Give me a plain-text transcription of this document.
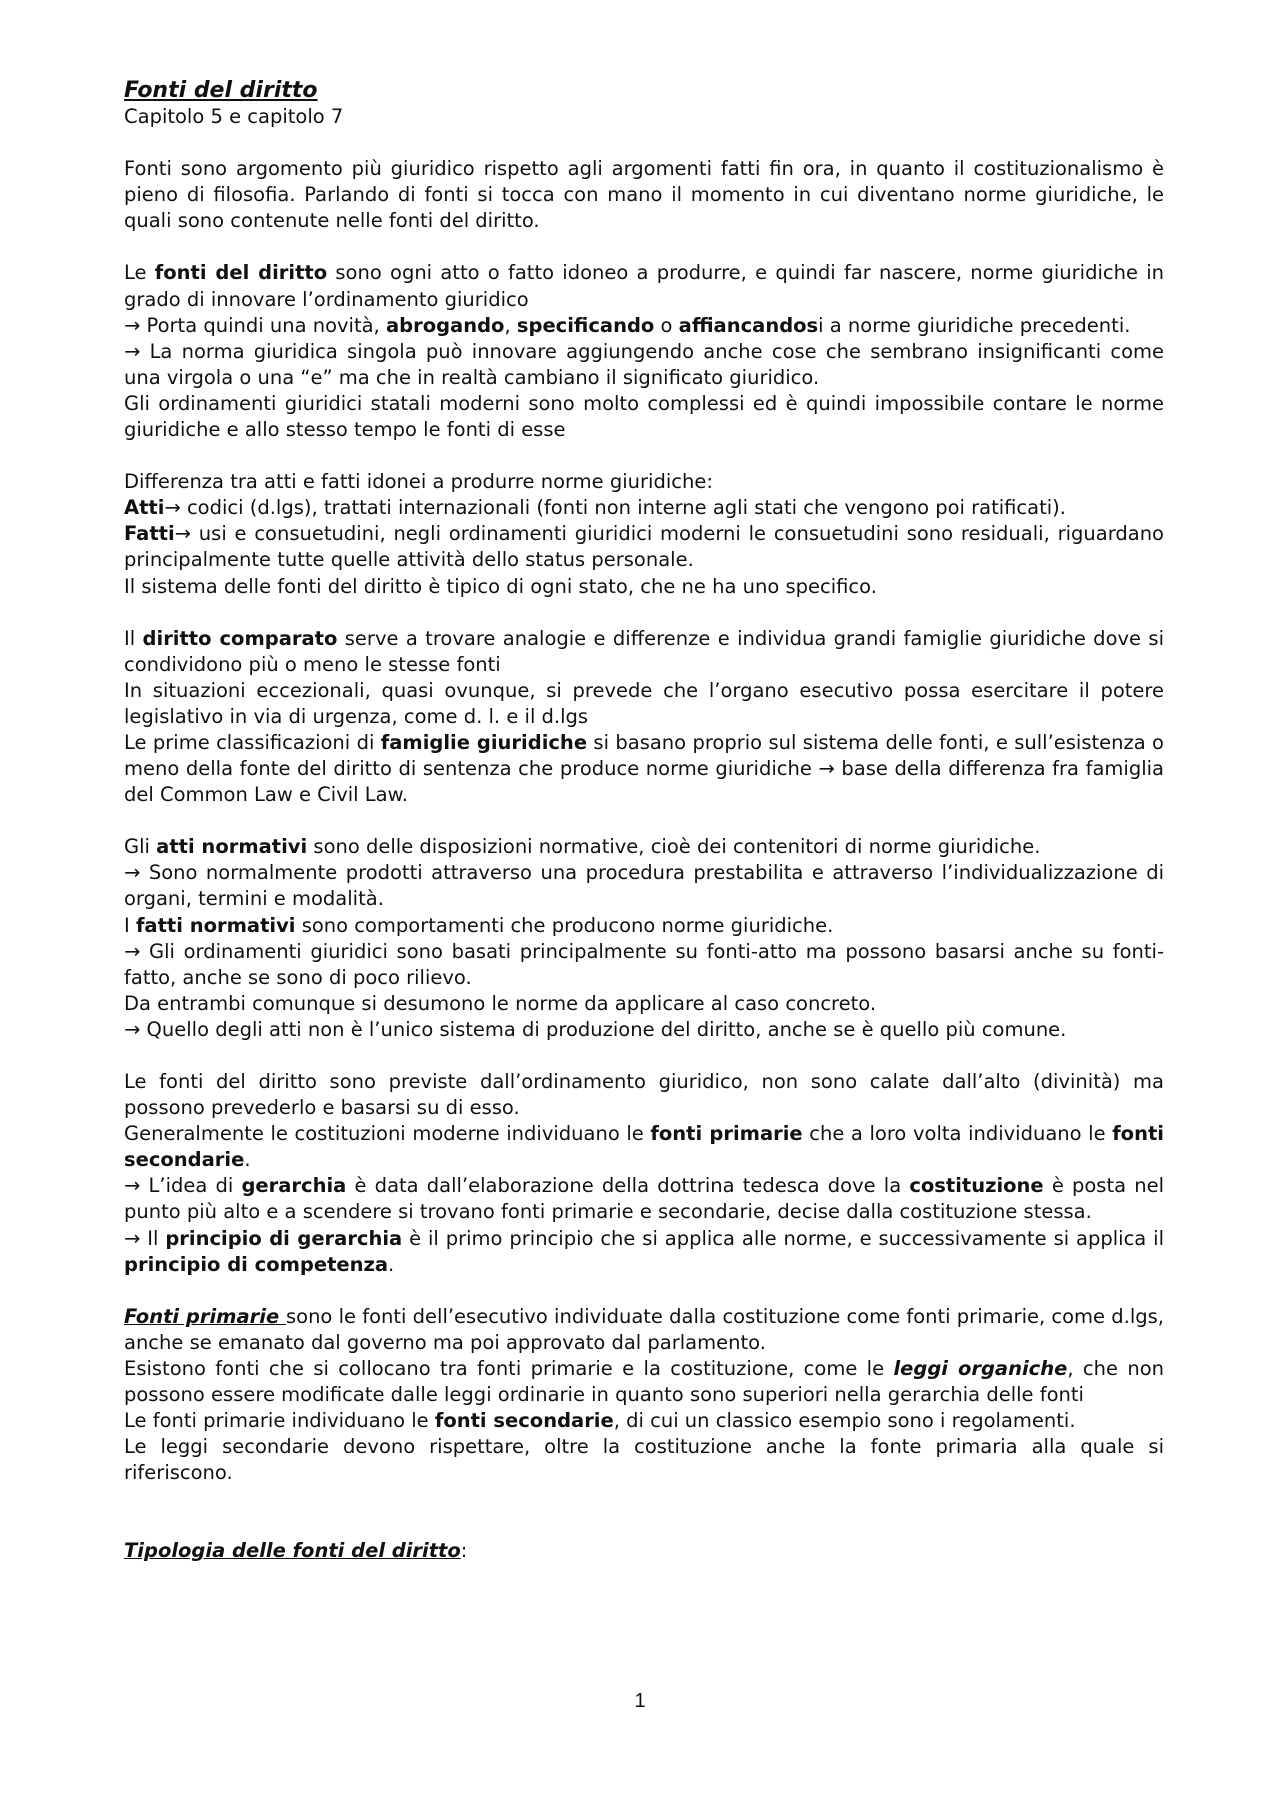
Fonti del diritto

Capitolo 5 e capitolo 7

Fonti sono argomento più giuridico rispetto agli argomenti fatti fin ora, in quanto il costituzionalismo è pieno di filosofia. Parlando di fonti si tocca con mano il momento in cui diventano norme giuridiche, le quali sono contenute nelle fonti del diritto.

Le fonti del diritto sono ogni atto o fatto idoneo a produrre, e quindi far nascere, norme giuridiche in grado di innovare l’ordinamento giuridico

→ Porta quindi una novità, abrogando, specificando o affiancandosi a norme giuridiche precedenti.

→ La norma giuridica singola può innovare aggiungendo anche cose che sembrano insignificanti come una virgola o una “e” ma che in realtà cambiano il significato giuridico.

Gli ordinamenti giuridici statali moderni sono molto complessi ed è quindi impossibile contare le norme giuridiche e allo stesso tempo le fonti di esse

Differenza tra atti e fatti idonei a produrre norme giuridiche:

Atti→ codici (d.lgs), trattati internazionali (fonti non interne agli stati che vengono poi ratificati).

Fatti→ usi e consuetudini, negli ordinamenti giuridici moderni le consuetudini sono residuali, riguardano principalmente tutte quelle attività dello status personale.

Il sistema delle fonti del diritto è tipico di ogni stato, che ne ha uno specifico.

Il diritto comparato serve a trovare analogie e differenze e individua grandi famiglie giuridiche dove si condividono più o meno le stesse fonti

In situazioni eccezionali, quasi ovunque, si prevede che l’organo esecutivo possa esercitare il potere legislativo in via di urgenza, come d. l. e il d.lgs

Le prime classificazioni di famiglie giuridiche si basano proprio sul sistema delle fonti, e sull’esistenza o meno della fonte del diritto di sentenza che produce norme giuridiche → base della differenza fra famiglia del Common Law e Civil Law.

Gli atti normativi sono delle disposizioni normative, cioè dei contenitori di norme giuridiche.

→ Sono normalmente prodotti attraverso una procedura prestabilita e attraverso l’individualizzazione di organi, termini e modalità.

I fatti normativi sono comportamenti che producono norme giuridiche.

→ Gli ordinamenti giuridici sono basati principalmente su fonti-atto ma possono basarsi anche su fonti- fatto, anche se sono di poco rilievo.

Da entrambi comunque si desumono le norme da applicare al caso concreto.

→ Quello degli atti non è l’unico sistema di produzione del diritto, anche se è quello più comune.

Le fonti del diritto sono previste dall’ordinamento giuridico, non sono calate dall’alto (divinità) ma possono prevederlo e basarsi su di esso.

Generalmente le costituzioni moderne individuano le fonti primarie che a loro volta individuano le fonti secondarie.

→ L’idea di gerarchia è data dall’elaborazione della dottrina tedesca dove la costituzione è posta nel punto più alto e a scendere si trovano fonti primarie e secondarie, decise dalla costituzione stessa.

→ Il principio di gerarchia è il primo principio che si applica alle norme, e successivamente si applica il principio di competenza.

Fonti primarie sono le fonti dell’esecutivo individuate dalla costituzione come fonti primarie, come d.lgs, anche se emanato dal governo ma poi approvato dal parlamento.

Esistono fonti che si collocano tra fonti primarie e la costituzione, come le leggi organiche, che non possono essere modificate dalle leggi ordinarie in quanto sono superiori nella gerarchia delle fonti

Le fonti primarie individuano le fonti secondarie, di cui un classico esempio sono i regolamenti.

Le leggi secondarie devono rispettare, oltre la costituzione anche la fonte primaria alla quale si riferiscono.

Tipologia delle fonti del diritto:

1
